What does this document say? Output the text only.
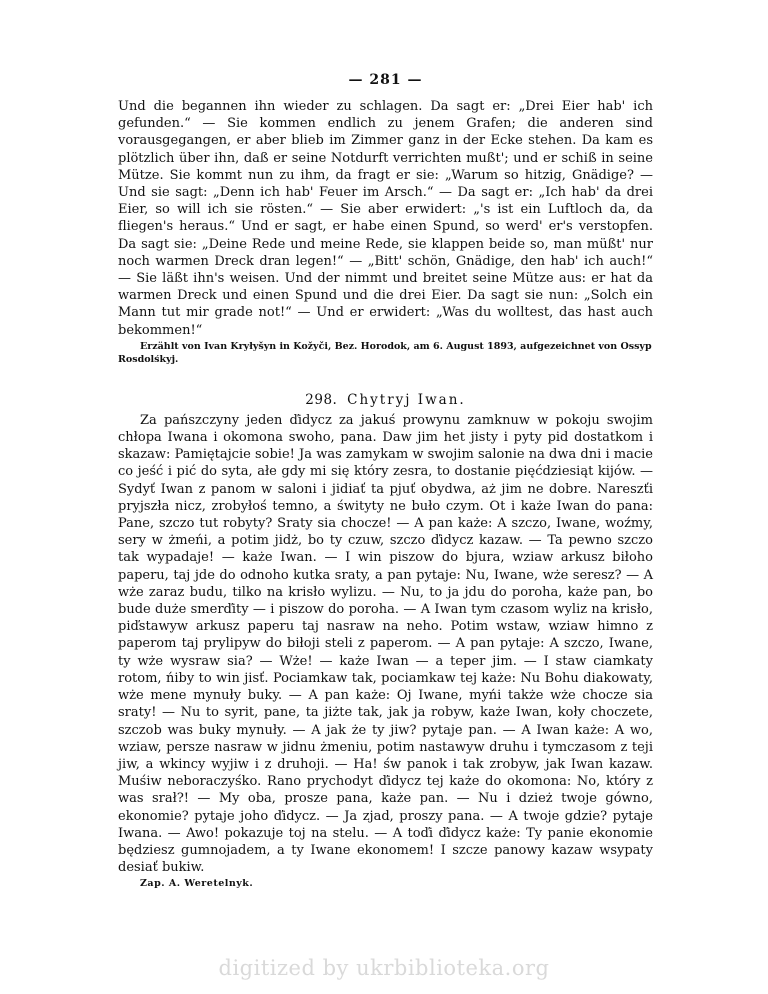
— 281 —

Und die begannen ihn wieder zu schlagen. Da sagt er: „Drei Eier hab' ich gefunden.“ — Sie kommen endlich zu jenem Grafen; die anderen sind vorausgegangen, er aber blieb im Zimmer ganz in der Ecke stehen. Da kam es plötzlich über ihn, daß er seine Notdurft verrichten mußt'; und er schiß in seine Mütze. Sie kommt nun zu ihm, da fragt er sie: „Warum so hitzig, Gnädige? — Und sie sagt: „Denn ich hab' Feuer im Arsch.“ — Da sagt er: „Ich hab' da drei Eier, so will ich sie rösten.“ — Sie aber erwidert: „'s ist ein Luftloch da, da fliegen's heraus.“ Und er sagt, er habe einen Spund, so werd' er's verstopfen. Da sagt sie: „Deine Rede und meine Rede, sie klappen beide so, man müßt' nur noch warmen Dreck dran legen!“ — „Bitt' schön, Gnädige, den hab' ich auch!“ — Sie läßt ihn's weisen. Und der nimmt und breitet seine Mütze aus: er hat da warmen Dreck und einen Spund und die drei Eier. Da sagt sie nun: „Solch ein Mann tut mir grade not!“ — Und er erwidert: „Was du wolltest, das hast auch bekommen!“

Erzählt von Ivan Kryłyšyn in Kožyči, Bez. Horodok, am 6. August 1893, aufgezeichnet von Ossyp Rosdolśkyj.

298. Chytryj Iwan.

Za pańszczyny jeden ďidycz za jakuś prowynu zamknuw w pokoju swojim chłopa Iwana i okomona swoho, pana. Daw jim het jisty i pyty pid dostatkom i skazaw: Pamiętajcie sobie! Ja was zamykam w swojim salonie na dwa dni i macie co jeść i pić do syta, ałe gdy mi się który zesra, to dostanie pięćdziesiąt kijów. — Sydyť Iwan z panom w saloni i jidiať ta pjuť obydwa, aż jim ne dobre. Nareszťi pryjszła nicz, zrobyłoś temno, a śwityty ne buło czym. Ot i każe Iwan do pana: Pane, szczo tut robyty? Sraty sia chocze! — A pan każe: A szczo, Iwane, woźmy, sery w żmeńi, a potim jidż, bo ty czuw, szczo ďidycz kazaw. — Ta pewno szczo tak wypadaje! — każe Iwan. — I win piszow do bjura, wziaw arkusz biłoho paperu, taj jde do odnoho kutka sraty, a pan pytaje: Nu, Iwane, wże seresz? — A wże zaraz budu, tilko na krisło wylizu. — Nu, to ja jdu do poroha, każe pan, bo bude duże smerďity — i piszow do poroha. — A Iwan tym czasom wyliz na krisło, piďstawyw arkusz paperu taj nasraw na neho. Potim wstaw, wziaw himno z paperom taj prylipyw do biłoji steli z paperom. — A pan pytaje: A szczo, Iwane, ty wże wysraw sia? — Wże! — każe Iwan — a teper jim. — I staw ciamkaty rotom, ńiby to win jisť. Pociamkaw tak, pociamkaw tej każe: Nu Bohu diakowaty, wże mene mynuły buky. — A pan każe: Oj Iwane, myńi także wże chocze sia sraty! — Nu to syrit, pane, ta jiżte tak, jak ja robyw, każe Iwan, koły choczete, szczob was buky mynuły. — A jak że ty jiw? pytaje pan. — A Iwan każe: A wo, wziaw, persze nasraw w jidnu żmeniu, potim nastawyw druhu i tymczasom z teji jiw, a wkincy wyjiw i z druhoji. — Ha! św panok i tak zrobyw, jak Iwan kazaw. Muśiw neboraczyśko. Rano prychodyt ďidycz tej każe do okomona: No, który z was srał?! — My oba, prosze pana, każe pan. — Nu i dzież twoje gówno, ekonomie? pytaje joho ďidycz. — Ja zjad, proszy pana. — A twoje gdzie? pytaje Iwana. — Awo! pokazuje toj na stelu. — A toďi ďidycz każe: Ty panie ekonomie będziesz gumnojadem, a ty Iwane ekonomem! I szcze panowy kazaw wsypaty desiať bukiw.

Zap. A. Weretelnyk.
digitized by ukrbiblioteka.org
